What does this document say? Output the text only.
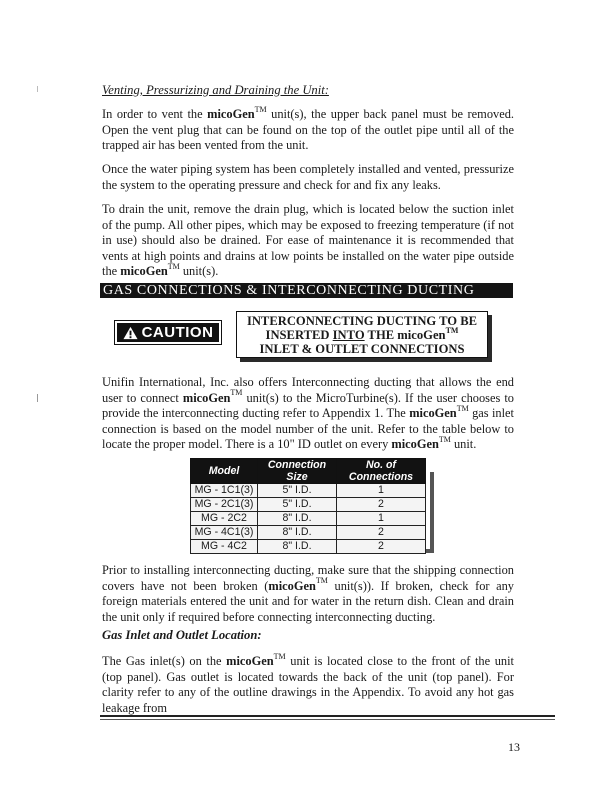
Venting, Pressurizing and Draining the Unit:

In order to vent the micoGen™ unit(s), the upper back panel must be removed. Open the vent plug that can be found on the top of the outlet pipe until all of the trapped air has been vented from the unit.

Once the water piping system has been completely installed and vented, pressurize the system to the operating pressure and check for and fix any leaks.

To drain the unit, remove the drain plug, which is located below the suction inlet of the pump. All other pipes, which may be exposed to freezing temperature (if not in use) should also be drained. For ease of maintenance it is recommended that vents at high points and drains at low points be installed on the water pipe outside the micoGen™ unit(s).

GAS CONNECTIONS & INTERCONNECTING DUCTING
CAUTION
INTERCONNECTING DUCTING TO BE
INSERTED INTO THE micoGen™
INLET & OUTLET CONNECTIONS

Unifin International, Inc. also offers Interconnecting ducting that allows the end user to connect micoGen™ unit(s) to the MicroTurbine(s). If the user chooses to provide the interconnecting ducting refer to Appendix 1. The micoGen™ gas inlet connection is based on the model number of the unit. Refer to the table below to locate the proper model. There is a 10" ID outlet on every micoGen™ unit.

Model	Connection Size	No. of Connections
MG - 1C1(3)	5" I.D.	1
MG - 2C1(3)	5" I.D.	2
MG - 2C2	8" I.D.	1
MG - 4C1(3)	8" I.D.	2
MG - 4C2	8" I.D.	2

Prior to installing interconnecting ducting, make sure that the shipping connection covers have not been broken (micoGen™ unit(s)). If broken, check for any foreign materials entered the unit and for water in the return dish. Clean and drain the unit only if required before connecting interconnecting ducting.

Gas Inlet and Outlet Location:

The Gas inlet(s) on the micoGen™ unit is located close to the front of the unit (top panel). Gas outlet is located towards the back of the unit (top panel). For clarity refer to any of the outline drawings in the Appendix. To avoid any hot gas leakage from

13
